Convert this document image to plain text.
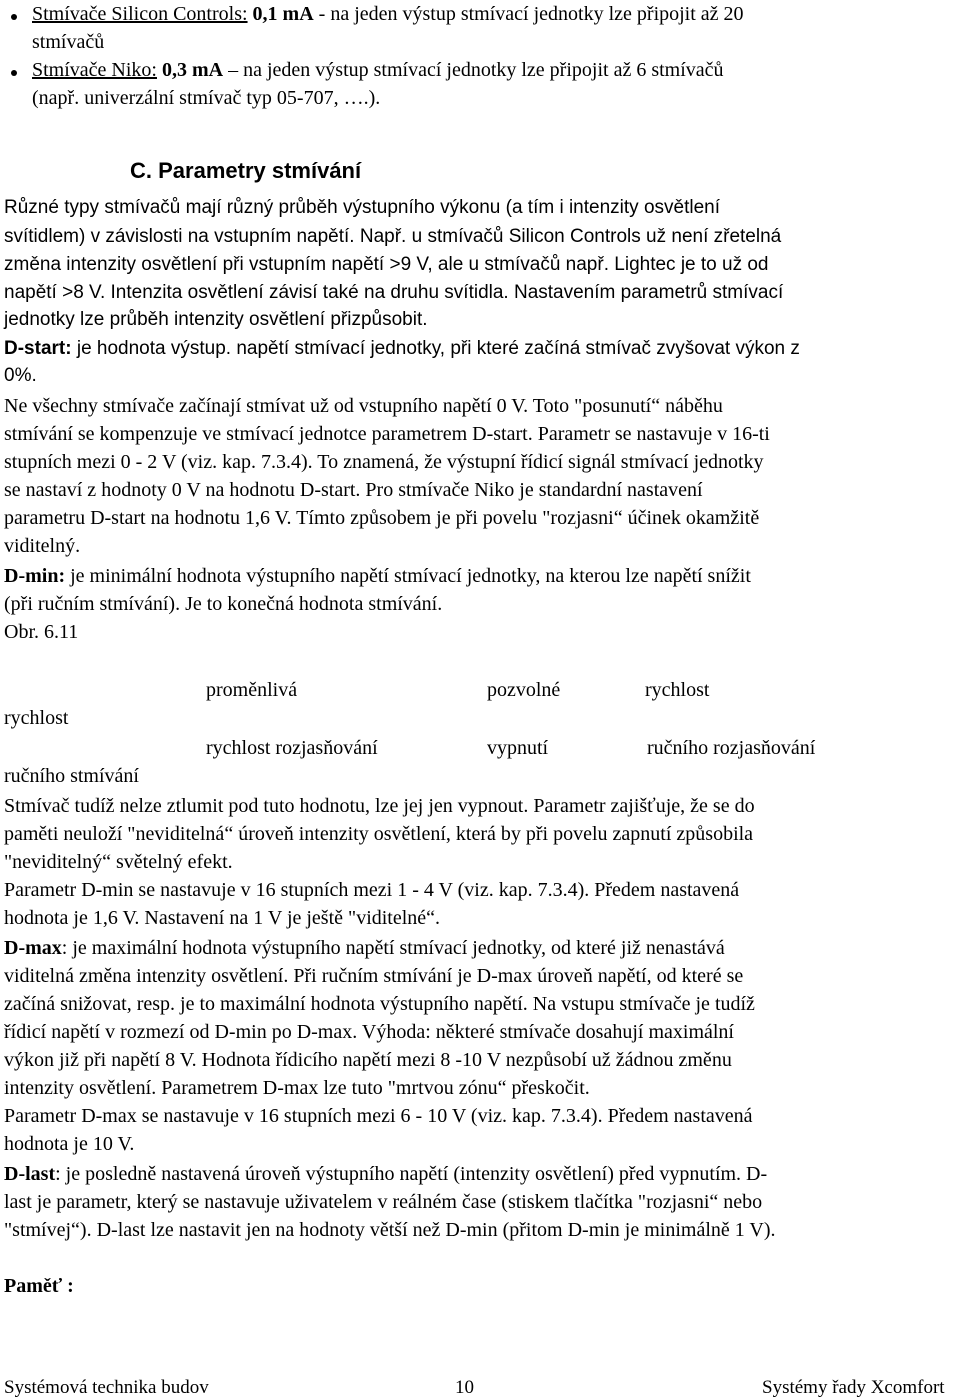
Stmívače Silicon Controls: 0,1 mA - na jeden výstup stmívací jednotky lze připojit až 20
stmívačů
Stmívače Niko: 0,3 mA – na jeden výstup stmívací jednotky lze připojit až 6 stmívačů
(např. univerzální stmívač typ 05-707, ….).
C. Parametry stmívání
Různé typy stmívačů mají různý průběh výstupního výkonu (a tím i intenzity osvětlení
svítidlem) v závislosti na vstupním napětí. Např. u stmívačů Silicon Controls už není zřetelná
změna intenzity osvětlení při vstupním napětí >9 V, ale u stmívačů např. Lightec je to už od
napětí >8 V. Intenzita osvětlení závisí také na druhu svítidla. Nastavením parametrů stmívací
jednotky lze průběh intenzity osvětlení přizpůsobit.
D-start: je hodnota výstup. napětí stmívací jednotky, při které začíná stmívač zvyšovat výkon z
0%.
Ne všechny stmívače začínají stmívat už od vstupního napětí 0 V. Toto "posunutí“ náběhu
stmívání se kompenzuje ve stmívací jednotce parametrem D-start. Parametr se nastavuje v 16-ti
stupních mezi 0 - 2 V (viz. kap. 7.3.4). To znamená, že výstupní řídicí signál stmívací jednotky
se nastaví z hodnoty 0 V na hodnotu D-start. Pro stmívače Niko je standardní nastavení
parametru D-start na hodnotu 1,6 V. Tímto způsobem je při povelu "rozjasni“ účinek okamžitě
viditelný.
D-min: je minimální hodnota výstupního napětí stmívací jednotky, na kterou lze napětí snížit
(při ručním stmívání). Je to konečná hodnota stmívání.
Obr. 6.11
proměnlivá	pozvolné	rychlost
rychlost
rychlost rozjasňování	vypnutí	ručního rozjasňování
ručního stmívání
Stmívač tudíž nelze ztlumit pod tuto hodnotu, lze jej jen vypnout. Parametr zajišťuje, že se do
paměti neuloží "neviditelná“ úroveň intenzity osvětlení, která by při povelu zapnutí způsobila
"neviditelný“ světelný efekt.
Parametr D-min se nastavuje v 16 stupních mezi 1 - 4 V (viz. kap. 7.3.4). Předem nastavená
hodnota je 1,6 V. Nastavení na 1 V je ještě "viditelné“.
D-max: je maximální hodnota výstupního napětí stmívací jednotky, od které již nenastává
viditelná změna intenzity osvětlení. Při ručním stmívání je D-max úroveň napětí, od které se
začíná snižovat, resp. je to maximální hodnota výstupního napětí. Na vstupu stmívače je tudíž
řídicí napětí v rozmezí od D-min po D-max. Výhoda: některé stmívače dosahují maximální
výkon již při napětí 8 V. Hodnota řídicího napětí mezi 8 -10 V nezpůsobí už žádnou změnu
intenzity osvětlení. Parametrem D-max lze tuto "mrtvou zónu“ přeskočit.
Parametr D-max se nastavuje v 16 stupních mezi 6 - 10 V (viz. kap. 7.3.4). Předem nastavená
hodnota je 10 V.
D-last: je posledně nastavená úroveň výstupního napětí (intenzity osvětlení) před vypnutím. D-
last je parametr, který se nastavuje uživatelem v reálném čase (stiskem tlačítka "rozjasni“ nebo
"stmívej“). D-last lze nastavit jen na hodnoty větší než D-min (přitom D-min je minimálně 1 V).
Paměť :
Systémová technika budov	10	Systémy řady Xcomfort
